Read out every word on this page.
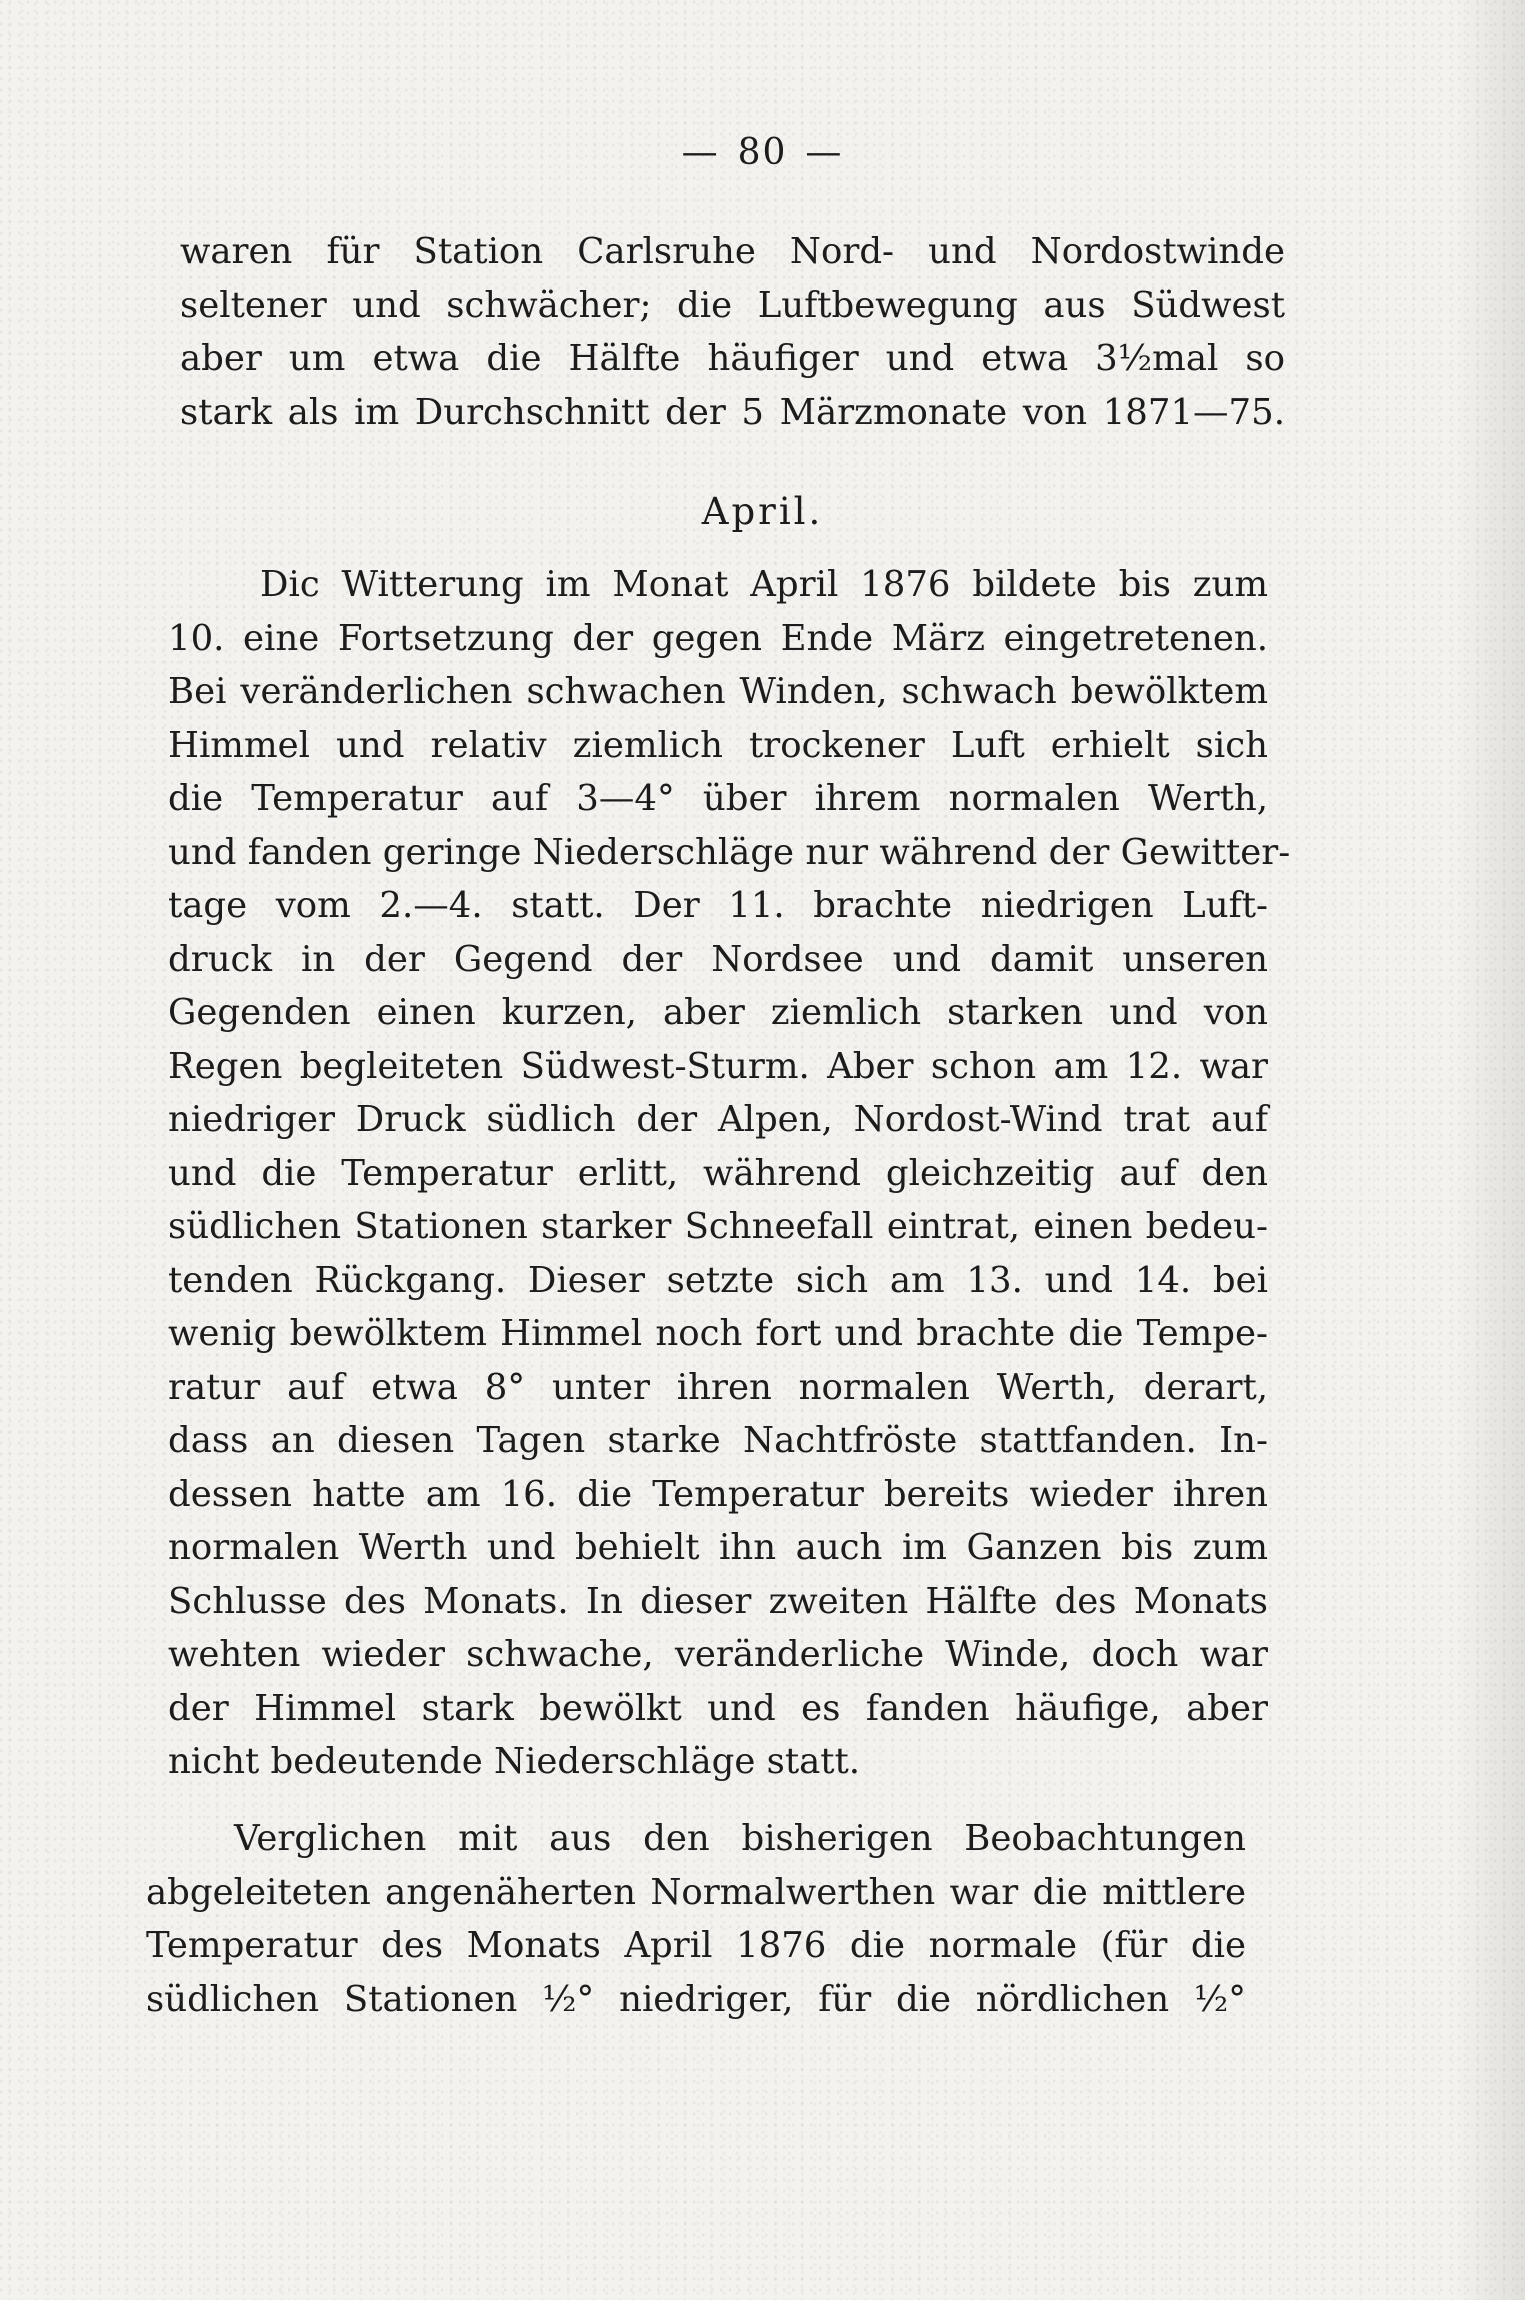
— 80 —
waren für Station Carlsruhe Nord- und Nordostwinde
seltener und schwächer; die Luftbewegung aus Südwest
aber um etwa die Hälfte häufiger und etwa 3½mal so
stark als im Durchschnitt der 5 Märzmonate von 1871—75.
April.
Dic Witterung im Monat April 1876 bildete bis zum
10. eine Fortsetzung der gegen Ende März eingetretenen.
Bei veränderlichen schwachen Winden, schwach bewölktem
Himmel und relativ ziemlich trockener Luft erhielt sich
die Temperatur auf 3—4° über ihrem normalen Werth,
und fanden geringe Niederschläge nur während der Gewitter-
tage vom 2.—4. statt. Der 11. brachte niedrigen Luft-
druck in der Gegend der Nordsee und damit unseren
Gegenden einen kurzen, aber ziemlich starken und von
Regen begleiteten Südwest-Sturm. Aber schon am 12. war
niedriger Druck südlich der Alpen, Nordost-Wind trat auf
und die Temperatur erlitt, während gleichzeitig auf den
südlichen Stationen starker Schneefall eintrat, einen bedeu-
tenden Rückgang. Dieser setzte sich am 13. und 14. bei
wenig bewölktem Himmel noch fort und brachte die Tempe-
ratur auf etwa 8° unter ihren normalen Werth, derart,
dass an diesen Tagen starke Nachtfröste stattfanden. In-
dessen hatte am 16. die Temperatur bereits wieder ihren
normalen Werth und behielt ihn auch im Ganzen bis zum
Schlusse des Monats. In dieser zweiten Hälfte des Monats
wehten wieder schwache, veränderliche Winde, doch war
der Himmel stark bewölkt und es fanden häufige, aber
nicht bedeutende Niederschläge statt.
Verglichen mit aus den bisherigen Beobachtungen
abgeleiteten angenäherten Normalwerthen war die mittlere
Temperatur des Monats April 1876 die normale (für die
südlichen Stationen ½° niedriger, für die nördlichen ½°
